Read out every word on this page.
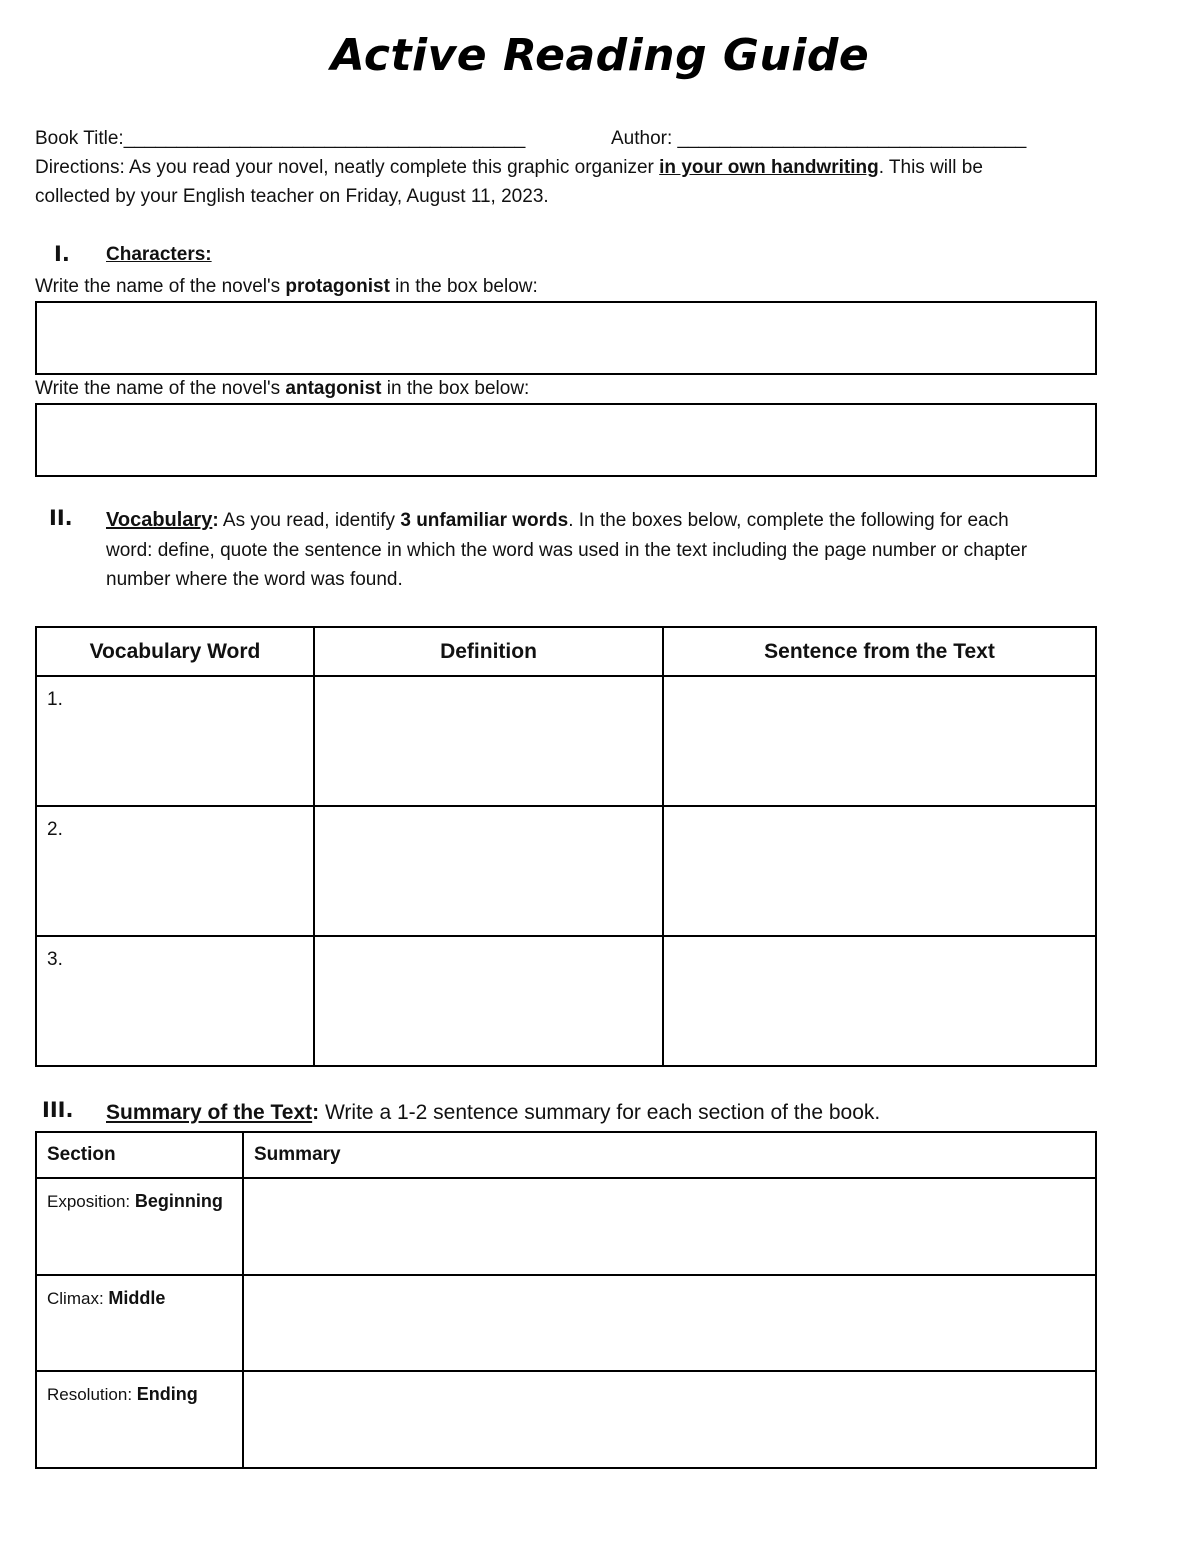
Active Reading Guide
Book Title:______________________________________	Author: _________________________________
Directions: As you read your novel, neatly complete this graphic organizer in your own handwriting. This will be
collected by your English teacher on Friday, August 11, 2023.
I. Characters:
Write the name of the novel's protagonist in the box below:
Write the name of the novel's antagonist in the box below:
II. Vocabulary: As you read, identify 3 unfamiliar words. In the boxes below, complete the following for each
word: define, quote the sentence in which the word was used in the text including the page number or chapter
number where the word was found.
Vocabulary Word	Definition	Sentence from the Text
1.		
2.		
3.		
III. Summary of the Text: Write a 1-2 sentence summary for each section of the book.
Section	Summary
Exposition: Beginning	
Climax: Middle	
Resolution: Ending	
